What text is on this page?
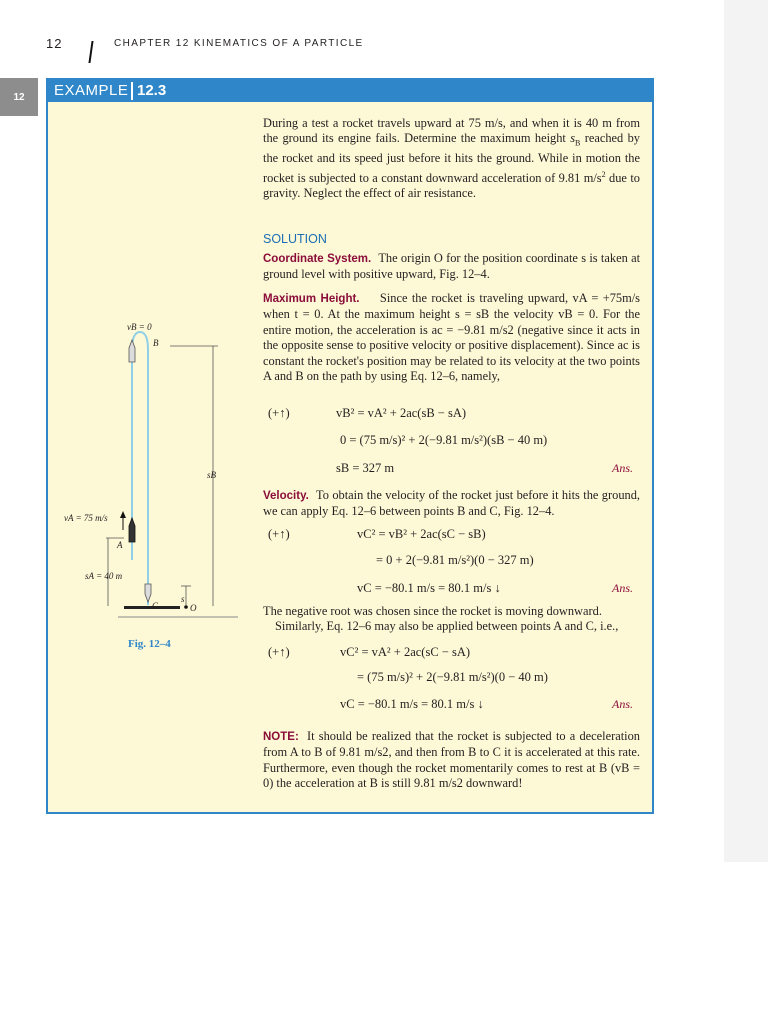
12	CHAPTER 12 KINEMATICS OF A PARTICLE
12	EXAMPLE 12.3
During a test a rocket travels upward at 75 m/s, and when it is 40 m from the ground its engine fails. Determine the maximum height $s_B$ reached by the rocket and its speed just before it hits the ground. While in motion the rocket is subjected to a constant downward acceleration of 9.81 $m/s^2$ due to gravity. Neglect the effect of air resistance.
SOLUTION
Coordinate System. The origin O for the position coordinate s is taken at ground level with positive upward, Fig. 12–4.
Maximum Height. Since the rocket is traveling upward, vA = +75m/s when t = 0. At the maximum height s = sB the velocity vB = 0. For the entire motion, the acceleration is ac = −9.81 m/s2 (negative since it acts in the opposite sense to positive velocity or positive displacement). Since ac is constant the rocket's position may be related to its velocity at the two points A and B on the path by using Eq. 12–6, namely,
(+↑)	vB² = vA² + 2ac(sB − sA)
0 = (75 m/s)² + 2(−9.81 m/s²)(sB − 40 m)
sB = 327 m	Ans.
Velocity. To obtain the velocity of the rocket just before it hits the ground, we can apply Eq. 12–6 between points B and C, Fig. 12–4.
(+↑)	vC² = vB² + 2ac(sC − sB)
= 0 + 2(−9.81 m/s²)(0 − 327 m)
vC = −80.1 m/s = 80.1 m/s ↓	Ans.
The negative root was chosen since the rocket is moving downward.
Similarly, Eq. 12–6 may also be applied between points A and C, i.e.,
(+↑)	vC² = vA² + 2ac(sC − sA)
= (75 m/s)² + 2(−9.81 m/s²)(0 − 40 m)
vC = −80.1 m/s = 80.1 m/s ↓	Ans.
NOTE: It should be realized that the rocket is subjected to a deceleration from A to B of 9.81 m/s2, and then from B to C it is accelerated at this rate. Furthermore, even though the rocket momentarily comes to rest at B (vB = 0) the acceleration at B is still 9.81 m/s2 downward!
vB = 0
B
sB
vA = 75 m/s
A
sA = 40 m
C
s
O
Fig. 12–4
